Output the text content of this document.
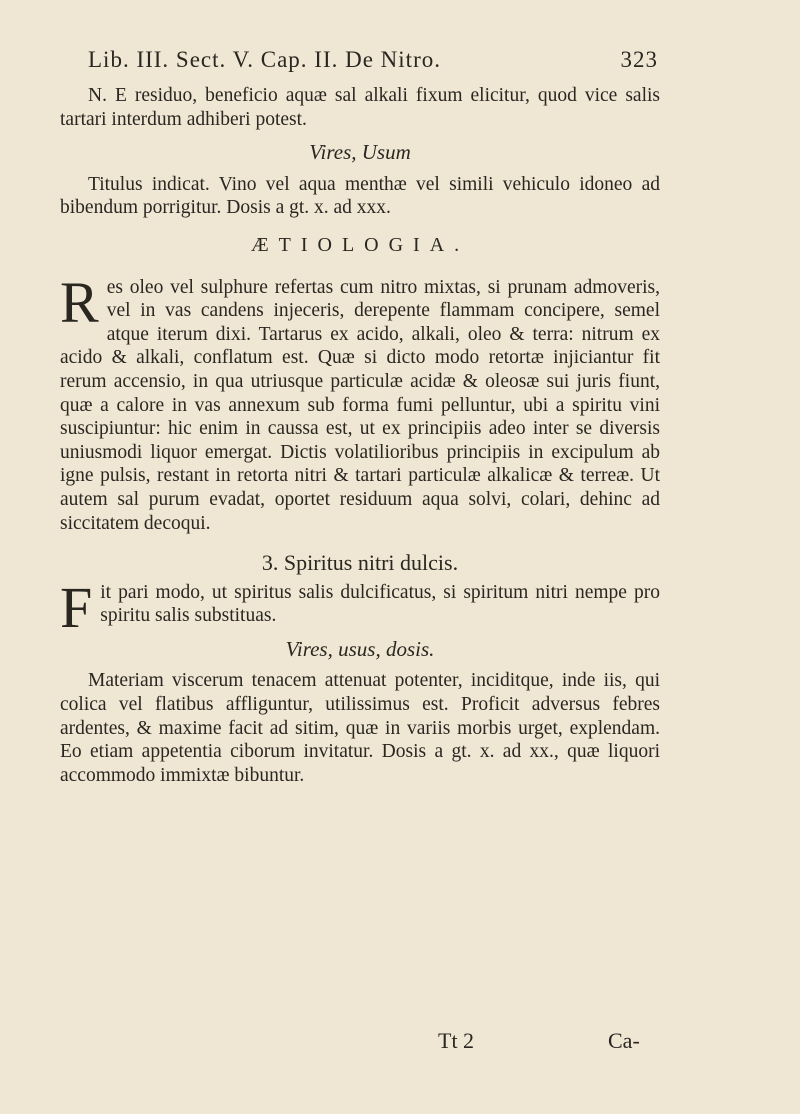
Lib. III. Sect. V. Cap. II. De Nitro.	323

N. E residuo, beneficio aquæ sal alkali fixum elicitur, quod vice salis tartari interdum adhiberi potest.

Vires, Usum

Titulus indicat. Vino vel aqua menthæ vel simili vehiculo idoneo ad bibendum porrigitur. Dosis a gt. x. ad xxx.

ÆTIOLOGIA.

Res oleo vel sulphure refertas cum nitro mixtas, si prunam admoveris, vel in vas candens injeceris, derepente flammam concipere, semel atque iterum dixi. Tartarus ex acido, alkali, oleo & terra: nitrum ex acido & alkali, conflatum est. Quæ si dicto modo retortæ injiciantur fit rerum accensio, in qua utriusque particulæ acidæ & oleosæ sui juris fiunt, quæ a calore in vas annexum sub forma fumi pelluntur, ubi a spiritu vini suscipiuntur: hic enim in caussa est, ut ex principiis adeo inter se diversis uniusmodi liquor emergat. Dictis volatilioribus principiis in excipulum ab igne pulsis, restant in retorta nitri & tartari particulæ alkalicæ & terreæ. Ut autem sal purum evadat, oportet residuum aqua solvi, colari, dehinc ad siccitatem decoqui.

3. Spiritus nitri dulcis.

Fit pari modo, ut spiritus salis dulcificatus, si spiritum nitri nempe pro spiritu salis substituas.

Vires, usus, dosis.

Materiam viscerum tenacem attenuat potenter, inciditque, inde iis, qui colica vel flatibus affliguntur, utilissimus est. Proficit adversus febres ardentes, & maxime facit ad sitim, quæ in variis morbis urget, explendam. Eo etiam appetentia ciborum invitatur. Dosis a gt. x. ad xx., quæ liquori accommodo immixtæ bibuntur.

Tt 2	Ca-
